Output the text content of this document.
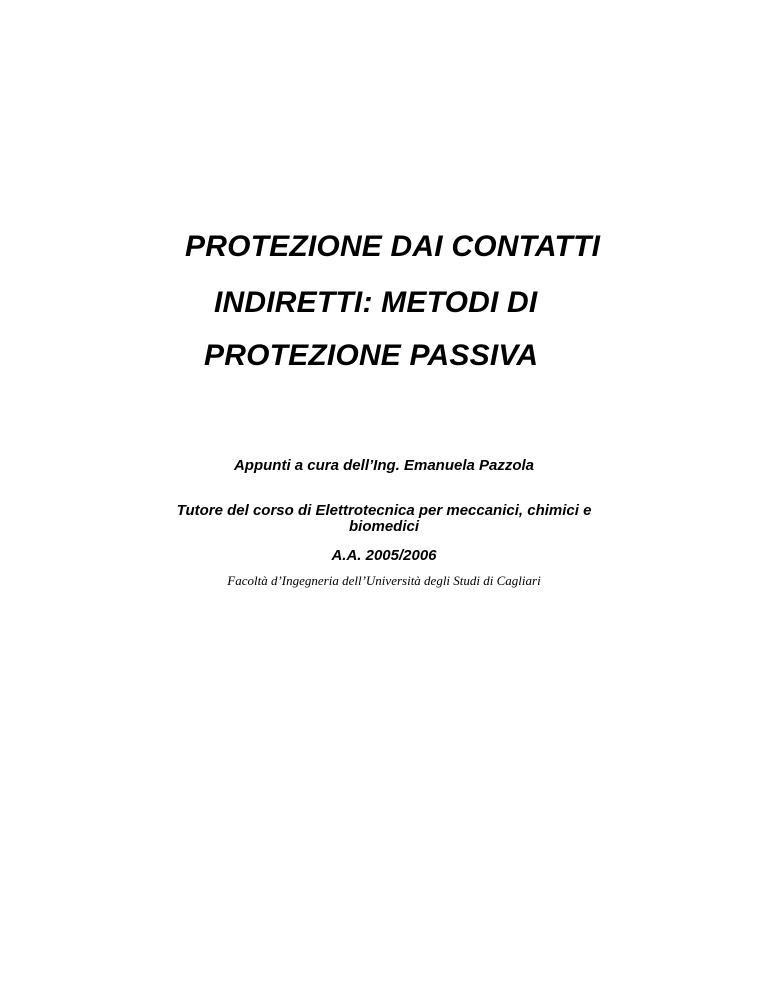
PROTEZIONE DAI CONTATTI
INDIRETTI: METODI DI
PROTEZIONE PASSIVA
Appunti a cura dell’Ing. Emanuela Pazzola
Tutore del corso di Elettrotecnica per meccanici, chimici e
biomedici
A.A. 2005/2006
Facoltà d’Ingegneria dell’Università degli Studi di Cagliari
